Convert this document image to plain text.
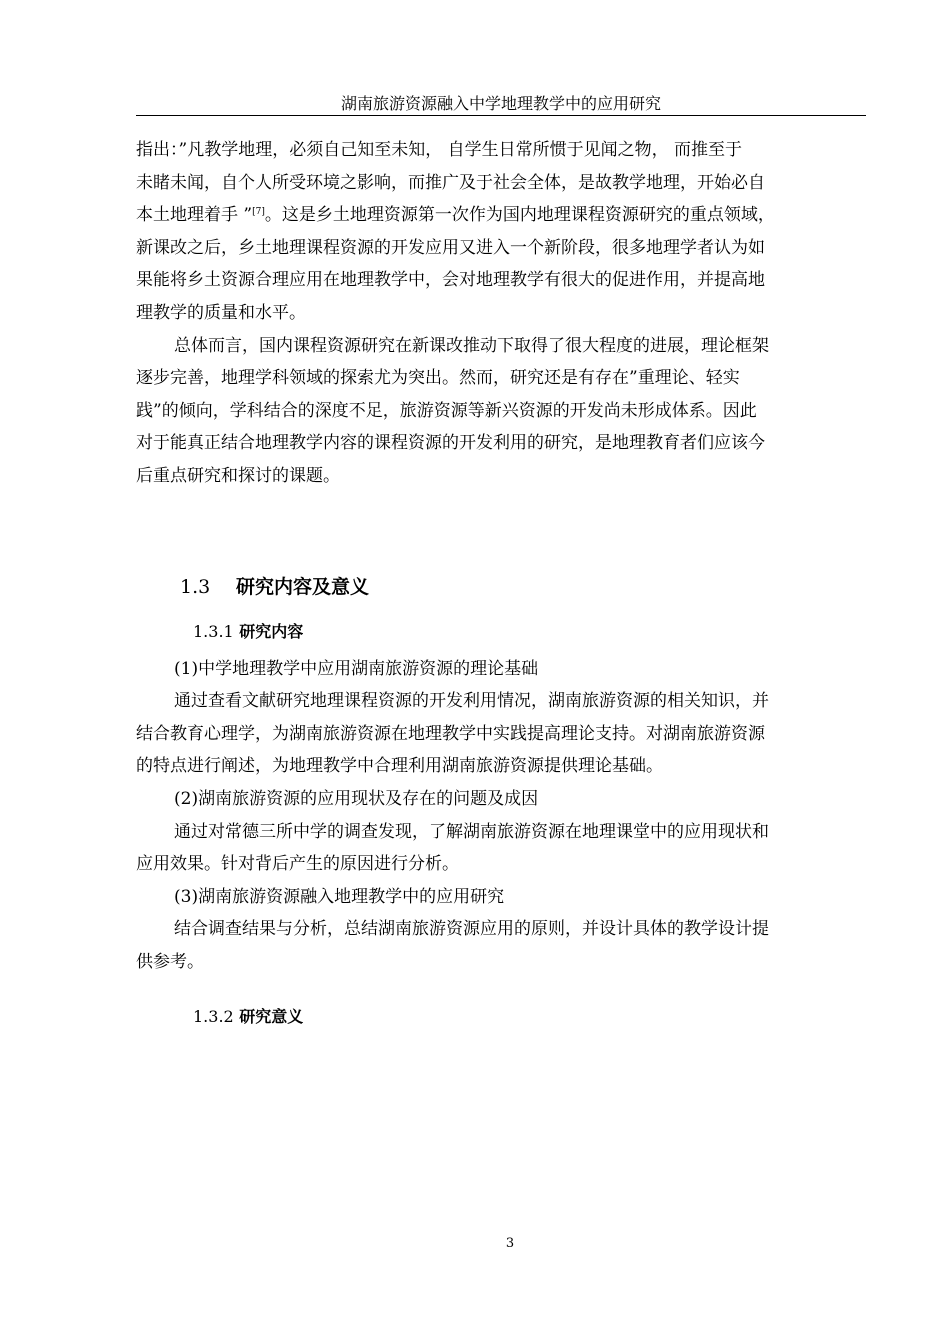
湖南旅游资源融入中学地理教学中的应用研究

指出：”凡教学地理，必须自己知至未知， 自学生日常所惯于见闻之物， 而推至于
未睹未闻，自个人所受环境之影响，而推广及于社会全体，是故教学地理，开始必自
本土地理着手 ”[7]。这是乡土地理资源第一次作为国内地理课程资源研究的重点领域，
新课改之后，乡土地理课程资源的开发应用又进入一个新阶段，很多地理学者认为如
果能将乡土资源合理应用在地理教学中，会对地理教学有很大的促进作用，并提高地
理教学的质量和水平。

总体而言，国内课程资源研究在新课改推动下取得了很大程度的进展，理论框架
逐步完善，地理学科领域的探索尤为突出。然而，研究还是有存在”重理论、轻实
践”的倾向，学科结合的深度不足，旅游资源等新兴资源的开发尚未形成体系。因此
对于能真正结合地理教学内容的课程资源的开发利用的研究，是地理教育者们应该今
后重点研究和探讨的课题。

1.3 研究内容及意义
1.3.1 研究内容

(1)中学地理教学中应用湖南旅游资源的理论基础

通过查看文献研究地理课程资源的开发利用情况，湖南旅游资源的相关知识，并
结合教育心理学，为湖南旅游资源在地理教学中实践提高理论支持。对湖南旅游资源
的特点进行阐述，为地理教学中合理利用湖南旅游资源提供理论基础。

(2)湖南旅游资源的应用现状及存在的问题及成因

通过对常德三所中学的调查发现，了解湖南旅游资源在地理课堂中的应用现状和
应用效果。针对背后产生的原因进行分析。

(3)湖南旅游资源融入地理教学中的应用研究

结合调查结果与分析，总结湖南旅游资源应用的原则，并设计具体的教学设计提
供参考。

1.3.2 研究意义
3
